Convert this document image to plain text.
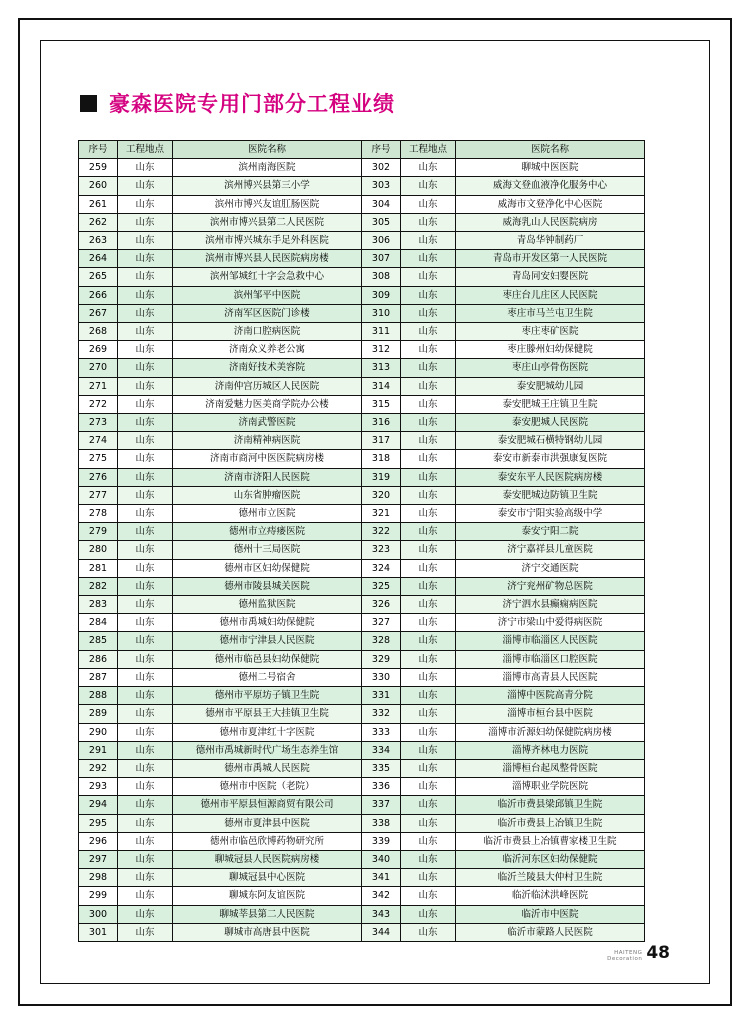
豪森医院专用门部分工程业绩
序号	工程地点	医院名称	序号	工程地点	医院名称
259	山东	滨州南海医院	302	山东	聊城中医医院
260	山东	滨州博兴县第三小学	303	山东	威海文登血液净化服务中心
261	山东	滨州市博兴友谊肛肠医院	304	山东	威海市文登净化中心医院
262	山东	滨州市博兴县第二人民医院	305	山东	威海乳山人民医院病房
263	山东	滨州市博兴城东手足外科医院	306	山东	青岛华钟制药厂
264	山东	滨州市博兴县人民医院病房楼	307	山东	青岛市开发区第一人民医院
265	山东	滨州邹城红十字会急救中心	308	山东	青岛同安妇婴医院
266	山东	滨州邹平中医院	309	山东	枣庄台儿庄区人民医院
267	山东	济南军区医院门诊楼	310	山东	枣庄市马兰屯卫生院
268	山东	济南口腔病医院	311	山东	枣庄枣矿医院
269	山东	济南众义养老公寓	312	山东	枣庄滕州妇幼保健院
270	山东	济南好技术美容院	313	山东	枣庄山亭骨伤医院
271	山东	济南仲宫历城区人民医院	314	山东	泰安肥城幼儿园
272	山东	济南爱魅力医美商学院办公楼	315	山东	泰安肥城王庄镇卫生院
273	山东	济南武警医院	316	山东	泰安肥城人民医院
274	山东	济南精神病医院	317	山东	泰安肥城石横特钢幼儿园
275	山东	济南市商河中医医院病房楼	318	山东	泰安市新泰市洪强康复医院
276	山东	济南市济阳人民医院	319	山东	泰安东平人民医院病房楼
277	山东	山东省肿瘤医院	320	山东	泰安肥城边防镇卫生院
278	山东	德州市立医院	321	山东	泰安市宁阳实验高级中学
279	山东	德州市立痔瘘医院	322	山东	泰安宁阳二院
280	山东	德州十三局医院	323	山东	济宁嘉祥县儿童医院
281	山东	德州市区妇幼保健院	324	山东	济宁交通医院
282	山东	德州市陵县城关医院	325	山东	济宁兖州矿物总医院
283	山东	德州监狱医院	326	山东	济宁泗水县癫痫病医院
284	山东	德州市禹城妇幼保健院	327	山东	济宁市梁山中爱得病医院
285	山东	德州市宁津县人民医院	328	山东	淄博市临淄区人民医院
286	山东	德州市临邑县妇幼保健院	329	山东	淄博市临淄区口腔医院
287	山东	德州二号宿舍	330	山东	淄博市高青县人民医院
288	山东	德州市平原坊子镇卫生院	331	山东	淄博中医院高青分院
289	山东	德州市平原县王大挂镇卫生院	332	山东	淄博市桓台县中医院
290	山东	德州市夏津红十字医院	333	山东	淄博市沂源妇幼保健院病房楼
291	山东	德州市禹城新时代广场生态养生馆	334	山东	淄博齐林电力医院
292	山东	德州市禹城人民医院	335	山东	淄博桓台起凤整骨医院
293	山东	德州市中医院（老院）	336	山东	淄博职业学院医院
294	山东	德州市平原县恒源商贸有限公司	337	山东	临沂市费县梁邱镇卫生院
295	山东	德州市夏津县中医院	338	山东	临沂市费县上冶镇卫生院
296	山东	德州市临邑欣博药物研究所	339	山东	临沂市费县上冶镇曹家楼卫生院
297	山东	聊城冠县人民医院病房楼	340	山东	临沂河东区妇幼保健院
298	山东	聊城冠县中心医院	341	山东	临沂兰陵县大仲村卫生院
299	山东	聊城东阿友谊医院	342	山东	临沂临沭洪峰医院
300	山东	聊城莘县第二人民医院	343	山东	临沂市中医院
301	山东	聊城市高唐县中医院	344	山东	临沂市蒙路人民医院
HAITENG
Decoration 48
